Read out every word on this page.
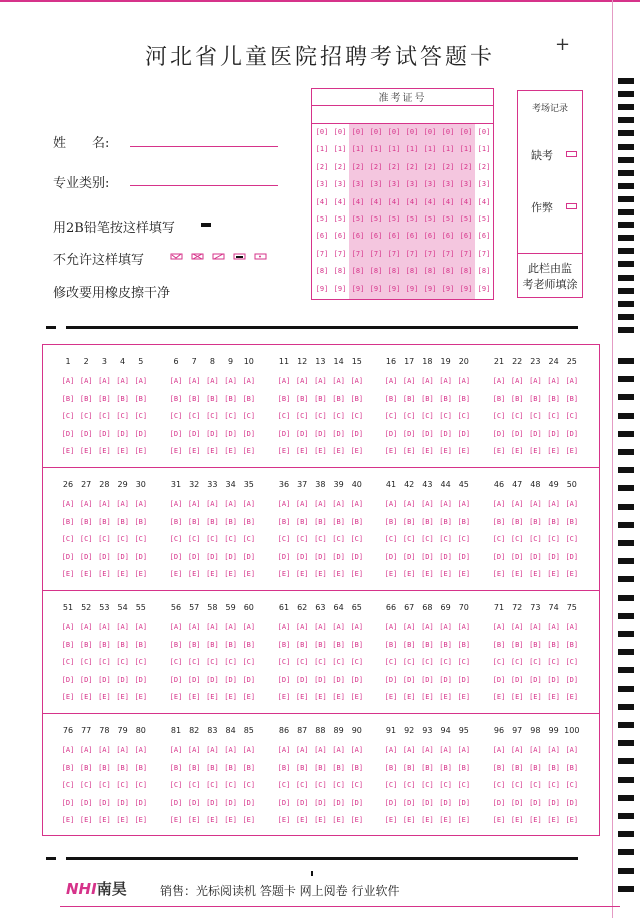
河北省儿童医院招聘考试答题卡
+
姓　　名:
专业类别:
用2B铅笔按这样填写
不允许这样填写
修改要用橡皮擦干净
准考证号
[0]
[1]
[2]
[3]
[4]
[5]
[6]
[7]
[8]
[9]
[0]
[1]
[2]
[3]
[4]
[5]
[6]
[7]
[8]
[9]
[0]
[1]
[2]
[3]
[4]
[5]
[6]
[7]
[8]
[9]
[0]
[1]
[2]
[3]
[4]
[5]
[6]
[7]
[8]
[9]
[0]
[1]
[2]
[3]
[4]
[5]
[6]
[7]
[8]
[9]
[0]
[1]
[2]
[3]
[4]
[5]
[6]
[7]
[8]
[9]
[0]
[1]
[2]
[3]
[4]
[5]
[6]
[7]
[8]
[9]
[0]
[1]
[2]
[3]
[4]
[5]
[6]
[7]
[8]
[9]
[0]
[1]
[2]
[3]
[4]
[5]
[6]
[7]
[8]
[9]
[0]
[1]
[2]
[3]
[4]
[5]
[6]
[7]
[8]
[9]
考场记录
缺考
作弊
此栏由监
考老师填涂
1
[A]
[B]
[C]
[D]
[E]
2
[A]
[B]
[C]
[D]
[E]
3
[A]
[B]
[C]
[D]
[E]
4
[A]
[B]
[C]
[D]
[E]
5
[A]
[B]
[C]
[D]
[E]
6
[A]
[B]
[C]
[D]
[E]
7
[A]
[B]
[C]
[D]
[E]
8
[A]
[B]
[C]
[D]
[E]
9
[A]
[B]
[C]
[D]
[E]
10
[A]
[B]
[C]
[D]
[E]
11
[A]
[B]
[C]
[D]
[E]
12
[A]
[B]
[C]
[D]
[E]
13
[A]
[B]
[C]
[D]
[E]
14
[A]
[B]
[C]
[D]
[E]
15
[A]
[B]
[C]
[D]
[E]
16
[A]
[B]
[C]
[D]
[E]
17
[A]
[B]
[C]
[D]
[E]
18
[A]
[B]
[C]
[D]
[E]
19
[A]
[B]
[C]
[D]
[E]
20
[A]
[B]
[C]
[D]
[E]
21
[A]
[B]
[C]
[D]
[E]
22
[A]
[B]
[C]
[D]
[E]
23
[A]
[B]
[C]
[D]
[E]
24
[A]
[B]
[C]
[D]
[E]
25
[A]
[B]
[C]
[D]
[E]
26
[A]
[B]
[C]
[D]
[E]
27
[A]
[B]
[C]
[D]
[E]
28
[A]
[B]
[C]
[D]
[E]
29
[A]
[B]
[C]
[D]
[E]
30
[A]
[B]
[C]
[D]
[E]
31
[A]
[B]
[C]
[D]
[E]
32
[A]
[B]
[C]
[D]
[E]
33
[A]
[B]
[C]
[D]
[E]
34
[A]
[B]
[C]
[D]
[E]
35
[A]
[B]
[C]
[D]
[E]
36
[A]
[B]
[C]
[D]
[E]
37
[A]
[B]
[C]
[D]
[E]
38
[A]
[B]
[C]
[D]
[E]
39
[A]
[B]
[C]
[D]
[E]
40
[A]
[B]
[C]
[D]
[E]
41
[A]
[B]
[C]
[D]
[E]
42
[A]
[B]
[C]
[D]
[E]
43
[A]
[B]
[C]
[D]
[E]
44
[A]
[B]
[C]
[D]
[E]
45
[A]
[B]
[C]
[D]
[E]
46
[A]
[B]
[C]
[D]
[E]
47
[A]
[B]
[C]
[D]
[E]
48
[A]
[B]
[C]
[D]
[E]
49
[A]
[B]
[C]
[D]
[E]
50
[A]
[B]
[C]
[D]
[E]
51
[A]
[B]
[C]
[D]
[E]
52
[A]
[B]
[C]
[D]
[E]
53
[A]
[B]
[C]
[D]
[E]
54
[A]
[B]
[C]
[D]
[E]
55
[A]
[B]
[C]
[D]
[E]
56
[A]
[B]
[C]
[D]
[E]
57
[A]
[B]
[C]
[D]
[E]
58
[A]
[B]
[C]
[D]
[E]
59
[A]
[B]
[C]
[D]
[E]
60
[A]
[B]
[C]
[D]
[E]
61
[A]
[B]
[C]
[D]
[E]
62
[A]
[B]
[C]
[D]
[E]
63
[A]
[B]
[C]
[D]
[E]
64
[A]
[B]
[C]
[D]
[E]
65
[A]
[B]
[C]
[D]
[E]
66
[A]
[B]
[C]
[D]
[E]
67
[A]
[B]
[C]
[D]
[E]
68
[A]
[B]
[C]
[D]
[E]
69
[A]
[B]
[C]
[D]
[E]
70
[A]
[B]
[C]
[D]
[E]
71
[A]
[B]
[C]
[D]
[E]
72
[A]
[B]
[C]
[D]
[E]
73
[A]
[B]
[C]
[D]
[E]
74
[A]
[B]
[C]
[D]
[E]
75
[A]
[B]
[C]
[D]
[E]
76
[A]
[B]
[C]
[D]
[E]
77
[A]
[B]
[C]
[D]
[E]
78
[A]
[B]
[C]
[D]
[E]
79
[A]
[B]
[C]
[D]
[E]
80
[A]
[B]
[C]
[D]
[E]
81
[A]
[B]
[C]
[D]
[E]
82
[A]
[B]
[C]
[D]
[E]
83
[A]
[B]
[C]
[D]
[E]
84
[A]
[B]
[C]
[D]
[E]
85
[A]
[B]
[C]
[D]
[E]
86
[A]
[B]
[C]
[D]
[E]
87
[A]
[B]
[C]
[D]
[E]
88
[A]
[B]
[C]
[D]
[E]
89
[A]
[B]
[C]
[D]
[E]
90
[A]
[B]
[C]
[D]
[E]
91
[A]
[B]
[C]
[D]
[E]
92
[A]
[B]
[C]
[D]
[E]
93
[A]
[B]
[C]
[D]
[E]
94
[A]
[B]
[C]
[D]
[E]
95
[A]
[B]
[C]
[D]
[E]
96
[A]
[B]
[C]
[D]
[E]
97
[A]
[B]
[C]
[D]
[E]
98
[A]
[B]
[C]
[D]
[E]
99
[A]
[B]
[C]
[D]
[E]
100
[A]
[B]
[C]
[D]
[E]
NHI南昊	销售：光标阅读机 答题卡 网上阅卷 行业软件
